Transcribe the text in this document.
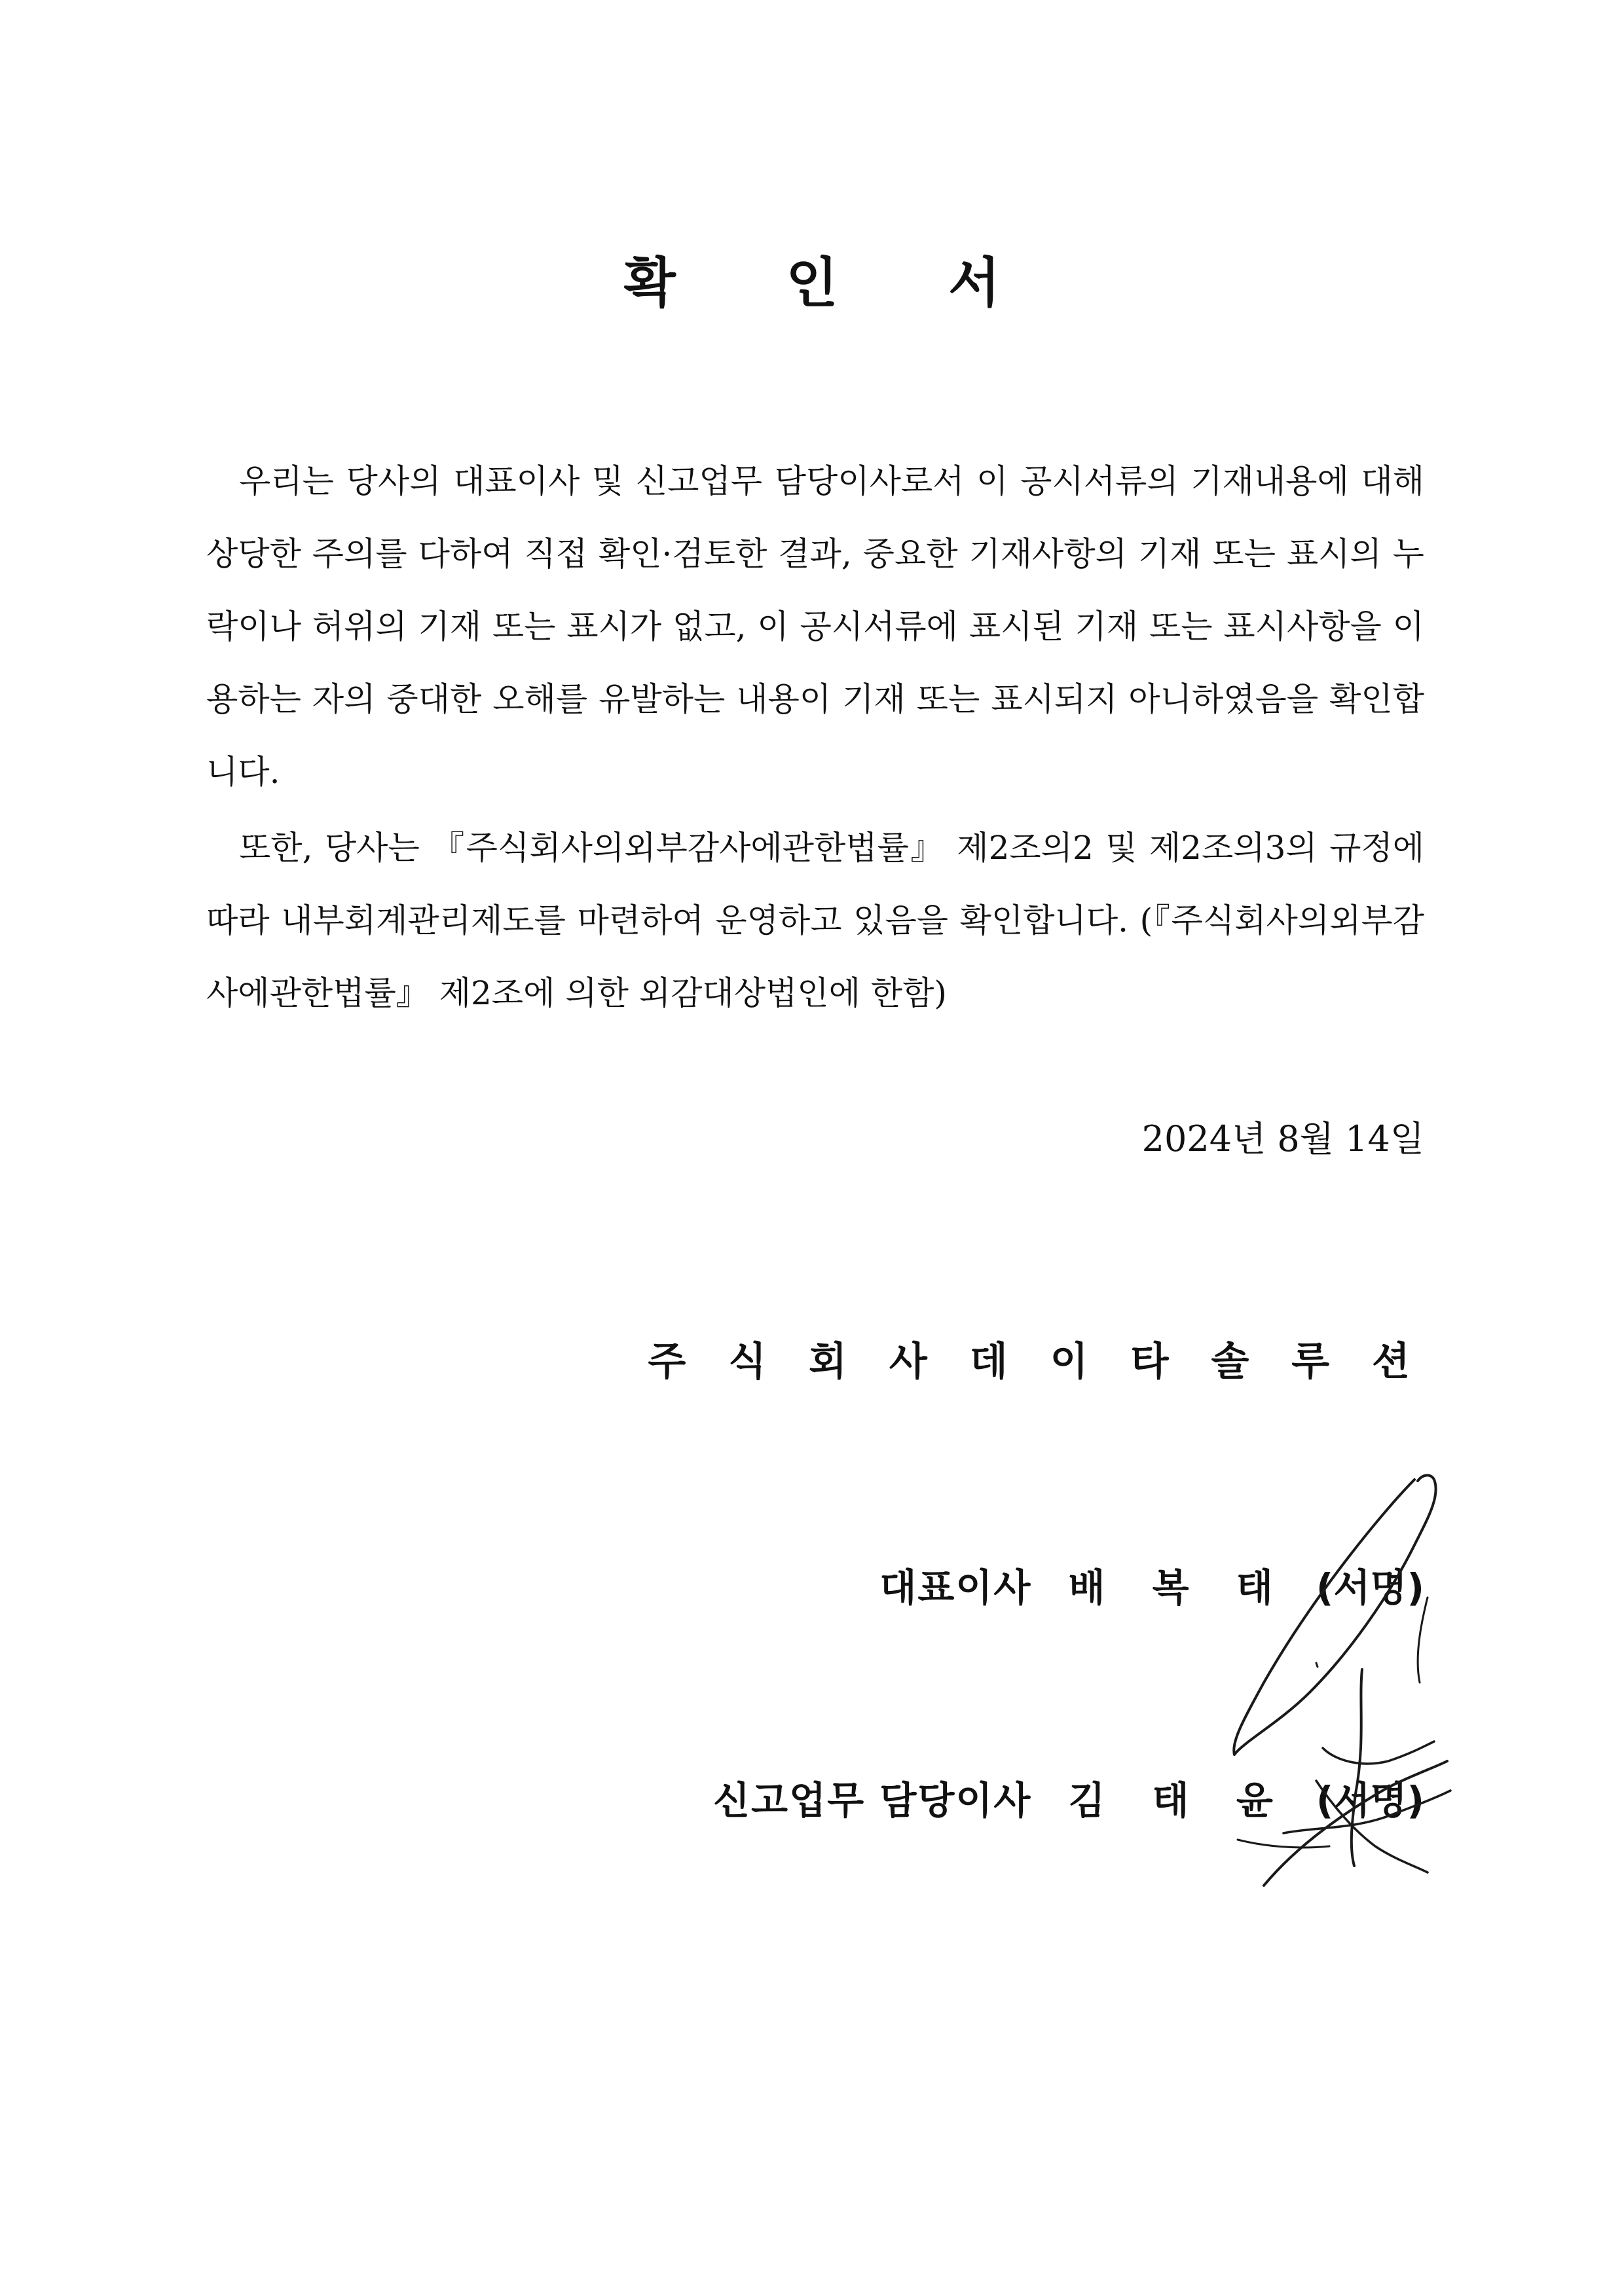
확 인 서

우리는 당사의 대표이사 및 신고업무 담당이사로서 이 공시서류의 기재내용에 대해 상당한 주의를 다하여 직접 확인·검토한 결과, 중요한 기재사항의 기재 또는 표시의 누락이나 허위의 기재 또는 표시가 없고, 이 공시서류에 표시된 기재 또는 표시사항을 이용하는 자의 중대한 오해를 유발하는 내용이 기재 또는 표시되지 아니하였음을 확인합니다.

또한, 당사는 『주식회사의외부감사에관한법률』 제2조의2 및 제2조의3의 규정에 따라 내부회계관리제도를 마련하여 운영하고 있음을 확인합니다. (『주식회사의외부감사에관한법률』 제2조에 의한 외감대상법인에 한함)

2024년 8월 14일
주 식 회 사 데 이 타 솔 루 션
대표이사 배 복 태 (서명)
신고업무 담당이사 김 태 윤 (서명)
